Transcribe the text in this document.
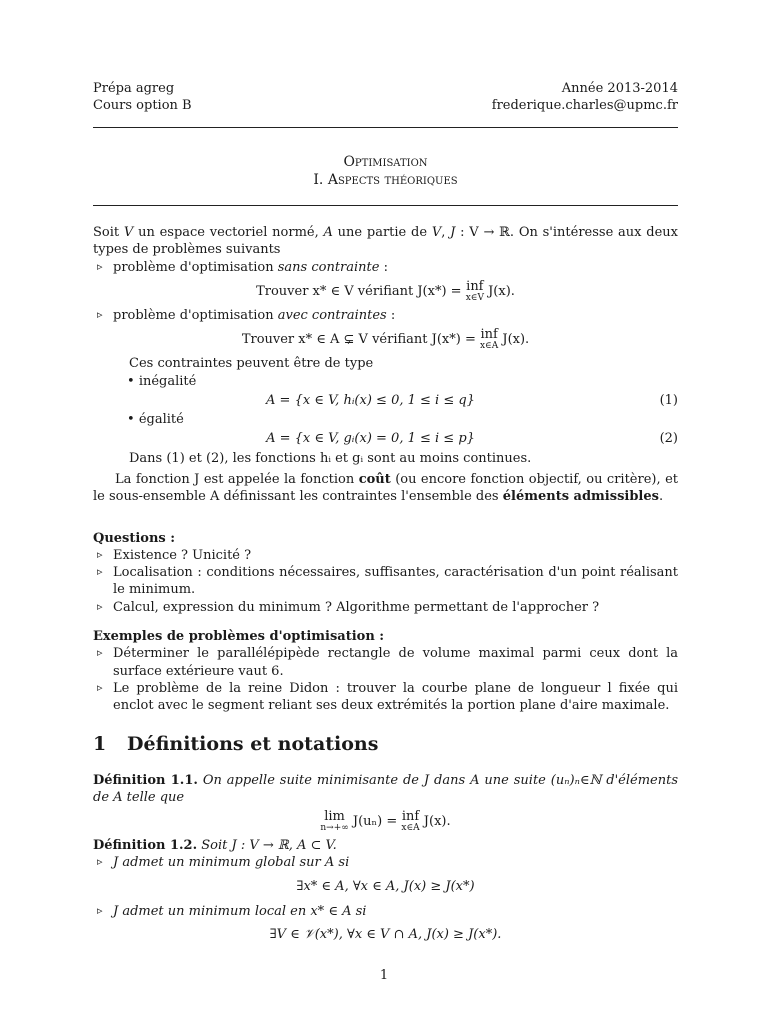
Prépa agreg
Cours option B
Année 2013-2014
frederique.charles@upmc.fr
Optimisation
I. Aspects théoriques

Soit V un espace vectoriel normé, A une partie de V, J : V → ℝ. On s'intéresse aux deux types de problèmes suivants

▹ problème d'optimisation sans contrainte :
Trouver x* ∈ V vérifiant J(x*) = inf
x∈V J(x).
▹ problème d'optimisation avec contraintes :
Trouver x* ∈ A ⊊ V vérifiant J(x*) = inf
x∈A J(x).
Ces contraintes peuvent être de type
• inégalité
A = {x ∈ V, hᵢ(x) ≤ 0, 1 ≤ i ≤ q}	(1)
• égalité
A = {x ∈ V, gᵢ(x) = 0, 1 ≤ i ≤ p}	(2)
Dans (1) et (2), les fonctions hᵢ et gᵢ sont au moins continues.

La fonction J est appelée la fonction coût (ou encore fonction objectif, ou critère), et le sous-ensemble A définissant les contraintes l'ensemble des éléments admissibles.

Questions :
▹ Existence ? Unicité ?
▹ Localisation : conditions nécessaires, suffisantes, caractérisation d'un point réalisant le minimum.
▹ Calcul, expression du minimum ? Algorithme permettant de l'approcher ?
Exemples de problèmes d'optimisation :
▹ Déterminer le parallélépipède rectangle de volume maximal parmi ceux dont la surface extérieure vaut 6.
▹ Le problème de la reine Didon : trouver la courbe plane de longueur l fixée qui enclot avec le segment reliant ses deux extrémités la portion plane d'aire maximale.
1 Définitions et notations

Définition 1.1. On appelle suite minimisante de J dans A une suite (uₙ)ₙ∈ℕ d'éléments de A telle que

lim
n→+∞ J(uₙ) = inf
x∈A J(x).

Définition 1.2. Soit J : V → ℝ, A ⊂ V.

▹ J admet un minimum global sur A si
∃x* ∈ A, ∀x ∈ A, J(x) ≥ J(x*)
▹ J admet un minimum local en x* ∈ A si
∃V ∈ 𝒱(x*), ∀x ∈ V ∩ A, J(x) ≥ J(x*).
1
